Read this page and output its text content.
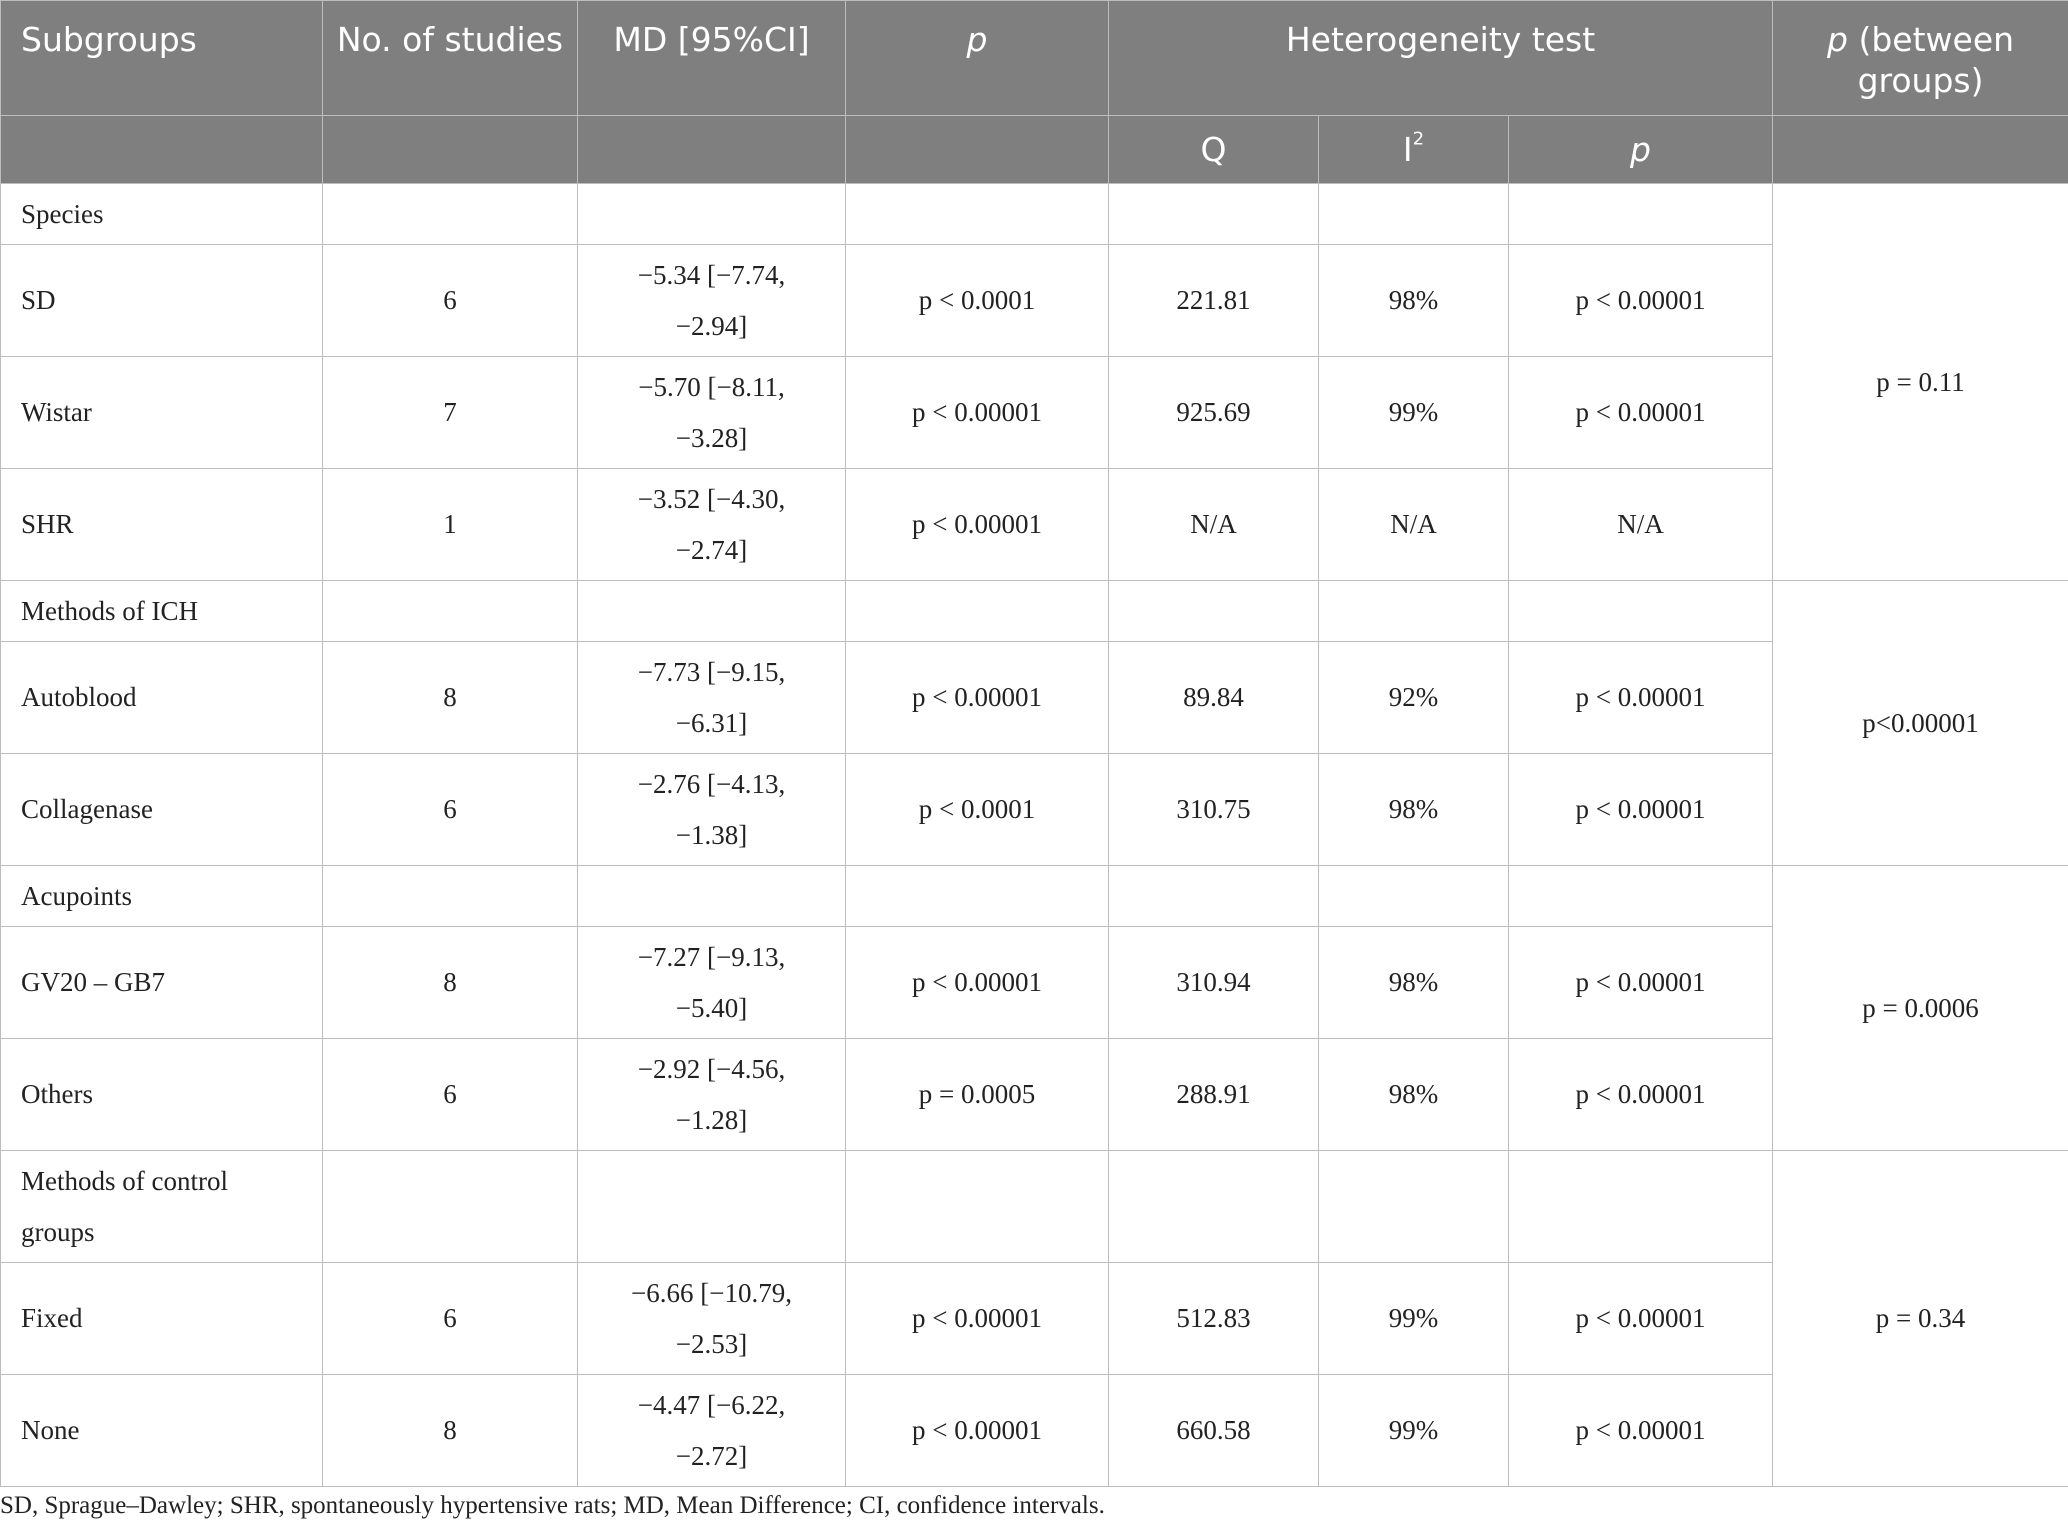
Subgroups	No. of studies	MD [95%CI]	p	Heterogeneity test			p (between groups)
				Q	$I^2$	p	
Species							p = 0.11
SD	6	−5.34 [−7.74,
−2.94]	p < 0.0001	221.81	98%	p < 0.00001	
Wistar	7	−5.70 [−8.11,
−3.28]	p < 0.00001	925.69	99%	p < 0.00001	
SHR	1	−3.52 [−4.30,
−2.74]	p < 0.00001	N/A	N/A	N/A	
Methods of ICH							p<0.00001
Autoblood	8	−7.73 [−9.15,
−6.31]	p < 0.00001	89.84	92%	p < 0.00001	
Collagenase	6	−2.76 [−4.13,
−1.38]	p < 0.0001	310.75	98%	p < 0.00001	
Acupoints							p = 0.0006
GV20 – GB7	8	−7.27 [−9.13,
−5.40]	p < 0.00001	310.94	98%	p < 0.00001	
Others	6	−2.92 [−4.56,
−1.28]	p = 0.0005	288.91	98%	p < 0.00001	
Methods of control
groups							p = 0.34
Fixed	6	−6.66 [−10.79,
−2.53]	p < 0.00001	512.83	99%	p < 0.00001	
None	8	−4.47 [−6.22,
−2.72]	p < 0.00001	660.58	99%	p < 0.00001	
SD, Sprague–Dawley; SHR, spontaneously hypertensive rats; MD, Mean Difference; CI, confidence intervals.
